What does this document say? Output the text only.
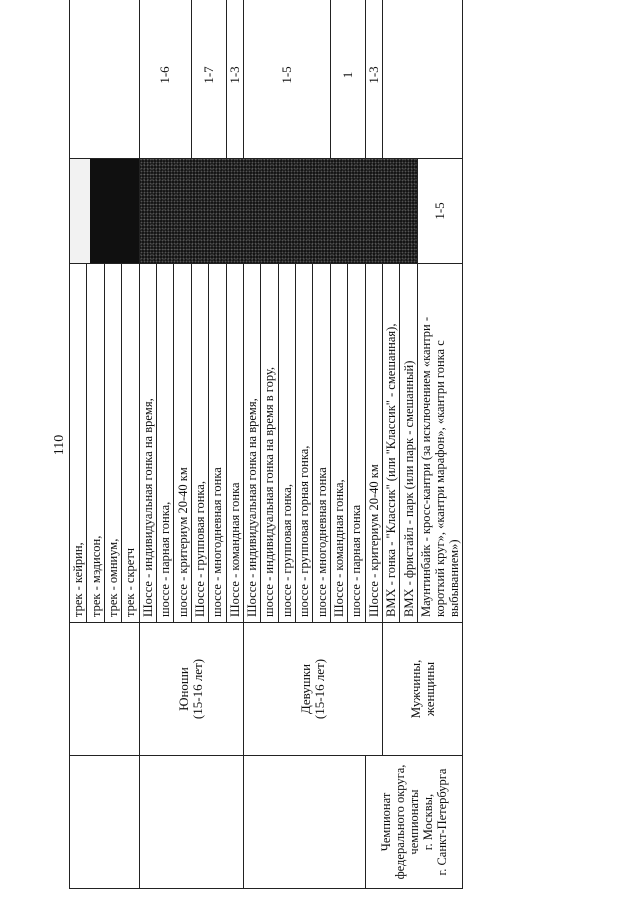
110
		трек - кейрин,		

		трек - мэдисон,			
		трек - омниум,			
		трек - скретч			

	Юноши (15-16 лет)	Шоссе - индивидуальная гонка на время,		1-6	
		шоссе - парная гонка,			
		шоссе - критериум 20-40 км			
		Шоссе - групповая гонка,		1-7	
		шоссе - многодневная гонка			
		Шоссе - командная гонка		1-3	

	Девушки (15-16 лет)	Шоссе - индивидуальная гонка на время,		1-5	
		шоссе - индивидуальная гонка на время в гору,			
		шоссе - групповая гонка,			
		шоссе - групповая горная гонка,			
		шоссе - многодневная гонка			
		Шоссе - командная гонка,		1	
		шоссе - парная гонка			

Чемпионат федерального округа, чемпионаты г. Москвы, г. Санкт-Петербурга		Шоссе - критериум 20-40 км		1-3	

	Мужчины, женщины	BMX - гонка - "Классик" (или "Классик" - смешанная),		
		BMX - фристайл - парк (или парк - смешанный)			
		Маунтинбайк - кросс-кантри (за исключением «кантри - короткий круг», «кантри марафон», «кантри гонка с выбыванием»)	1-5		
